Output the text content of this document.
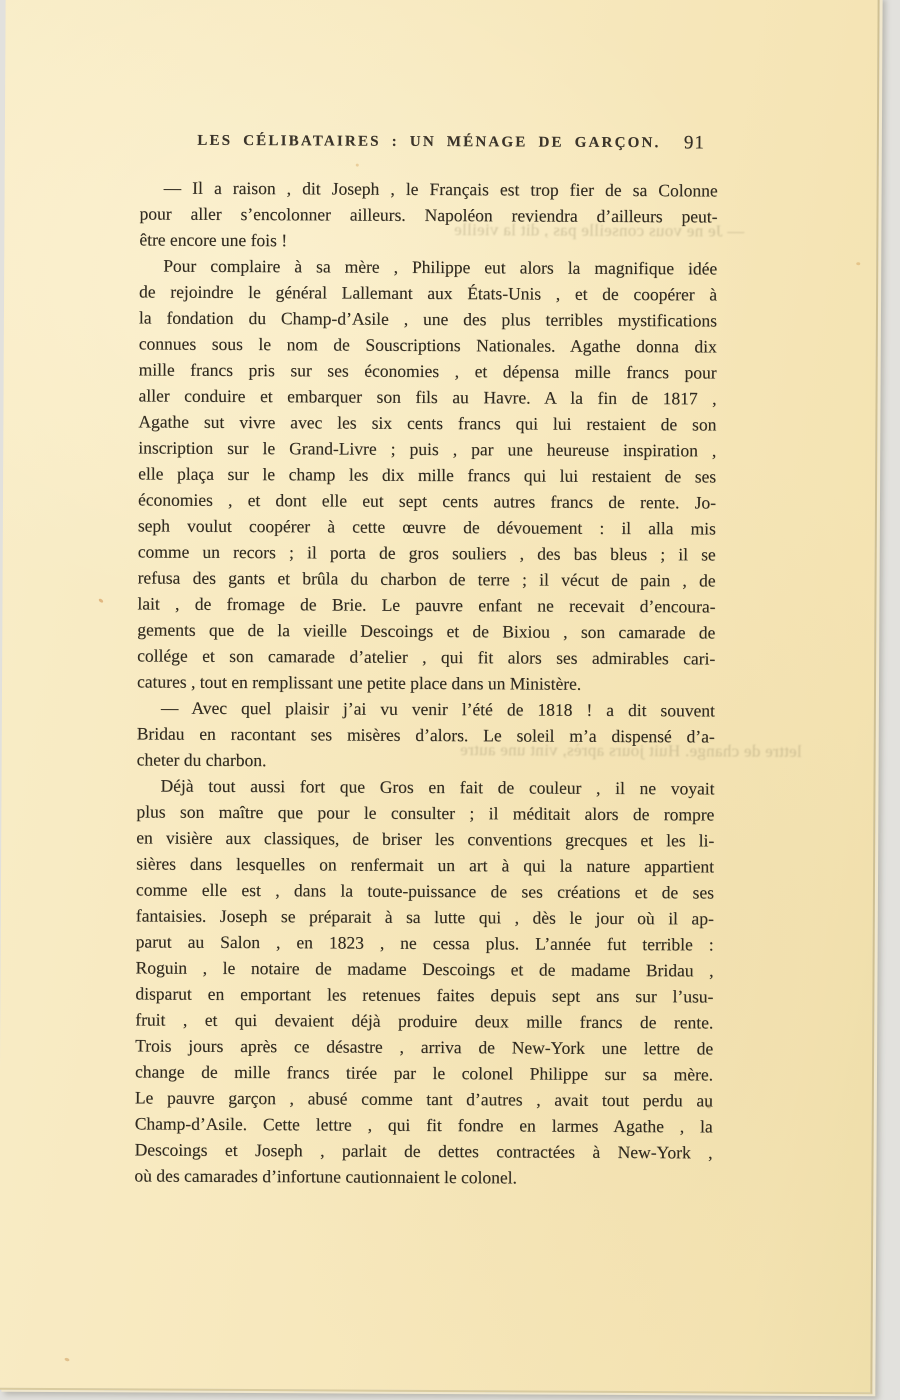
— Je ne vous conseille pas , dit la vieille
lettre de change. Huit jours après, vint une autre
LES CÉLIBATAIRES : UN MÉNAGE DE GARÇON. 91
— Il a raison , dit Joseph , le Français est trop fier de sa Colonne
pour aller s’encolonner ailleurs. Napoléon reviendra d’ailleurs peut-
être encore une fois !
Pour complaire à sa mère , Philippe eut alors la magnifique idée
de rejoindre le général Lallemant aux États-Unis , et de coopérer à
la fondation du Champ-d’Asile , une des plus terribles mystifications
connues sous le nom de Souscriptions Nationales. Agathe donna dix
mille francs pris sur ses économies , et dépensa mille francs pour
aller conduire et embarquer son fils au Havre. A la fin de 1817 ,
Agathe sut vivre avec les six cents francs qui lui restaient de son
inscription sur le Grand-Livre ; puis , par une heureuse inspiration ,
elle plaça sur le champ les dix mille francs qui lui restaient de ses
économies , et dont elle eut sept cents autres francs de rente. Jo-
seph voulut coopérer à cette œuvre de dévouement : il alla mis
comme un recors ; il porta de gros souliers , des bas bleus ; il se
refusa des gants et brûla du charbon de terre ; il vécut de pain , de
lait , de fromage de Brie. Le pauvre enfant ne recevait d’encoura-
gements que de la vieille Descoings et de Bixiou , son camarade de
collége et son camarade d’atelier , qui fit alors ses admirables cari-
catures , tout en remplissant une petite place dans un Ministère.
— Avec quel plaisir j’ai vu venir l’été de 1818 ! a dit souvent
Bridau en racontant ses misères d’alors. Le soleil m’a dispensé d’a-
cheter du charbon.
Déjà tout aussi fort que Gros en fait de couleur , il ne voyait
plus son maître que pour le consulter ; il méditait alors de rompre
en visière aux classiques, de briser les conventions grecques et les li-
sières dans lesquelles on renfermait un art à qui la nature appartient
comme elle est , dans la toute-puissance de ses créations et de ses
fantaisies. Joseph se préparait à sa lutte qui , dès le jour où il ap-
parut au Salon , en 1823 , ne cessa plus. L’année fut terrible :
Roguin , le notaire de madame Descoings et de madame Bridau ,
disparut en emportant les retenues faites depuis sept ans sur l’usu-
fruit , et qui devaient déjà produire deux mille francs de rente.
Trois jours après ce désastre , arriva de New-York une lettre de
change de mille francs tirée par le colonel Philippe sur sa mère.
Le pauvre garçon , abusé comme tant d’autres , avait tout perdu au
Champ-d’Asile. Cette lettre , qui fit fondre en larmes Agathe , la
Descoings et Joseph , parlait de dettes contractées à New-York ,
où des camarades d’infortune cautionnaient le colonel.
